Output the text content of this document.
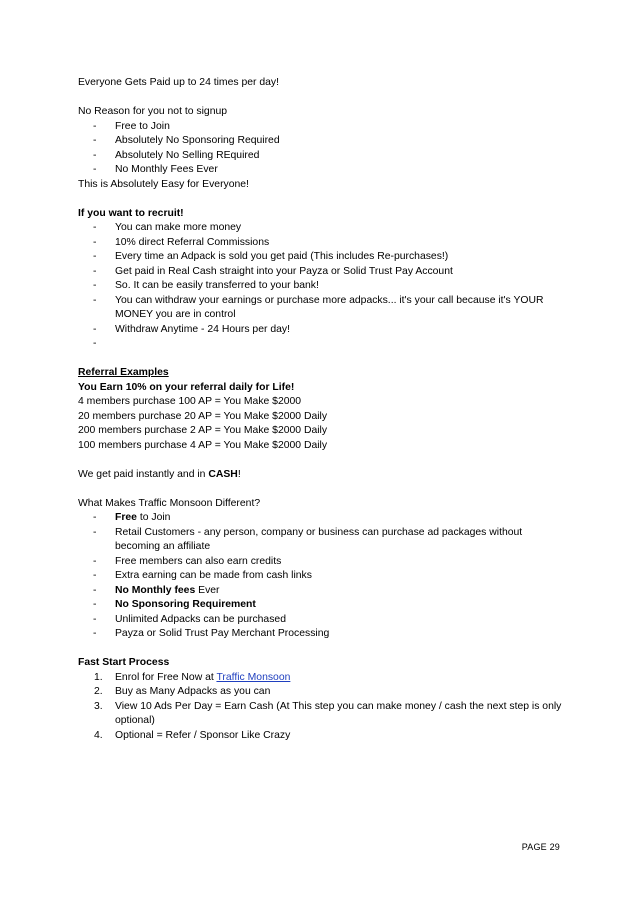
Everyone Gets Paid up to 24 times per day!

No Reason for you not to signup

- Free to Join
- Absolutely No Sponsoring Required
- Absolutely No Selling REquired
- No Monthly Fees Ever

This is Absolutely Easy for Everyone!

If you want to recruit!

- You can make more money
- 10% direct Referral Commissions
- Every time an Adpack is sold you get paid (This includes Re-purchases!)
- Get paid in Real Cash straight into your Payza or Solid Trust Pay Account
- So. It can be easily transferred to your bank!
- You can withdraw your earnings or purchase more adpacks... it's your call because it's YOUR MONEY you are in control
- Withdraw Anytime - 24 Hours per day!
-

Referral Examples

You Earn 10% on your referral daily for Life!

4 members purchase 100 AP = You Make $2000

20 members purchase 20 AP = You Make $2000 Daily

200 members purchase 2 AP = You Make $2000 Daily

100 members purchase 4 AP = You Make $2000 Daily

We get paid instantly and in CASH!

What Makes Traffic Monsoon Different?

- Free to Join
- Retail Customers - any person, company or business can purchase ad packages without becoming an affiliate
- Free members can also earn credits
- Extra earning can be made from cash links
- No Monthly fees Ever
- No Sponsoring Requirement
- Unlimited Adpacks can be purchased
- Payza or Solid Trust Pay Merchant Processing

Fast Start Process

1. Enrol for Free Now at Traffic Monsoon
2. Buy as Many Adpacks as you can
3. View 10 Ads Per Day = Earn Cash (At This step you can make money / cash the next step is only optional)
4. Optional = Refer / Sponsor Like Crazy
PAGE 29
